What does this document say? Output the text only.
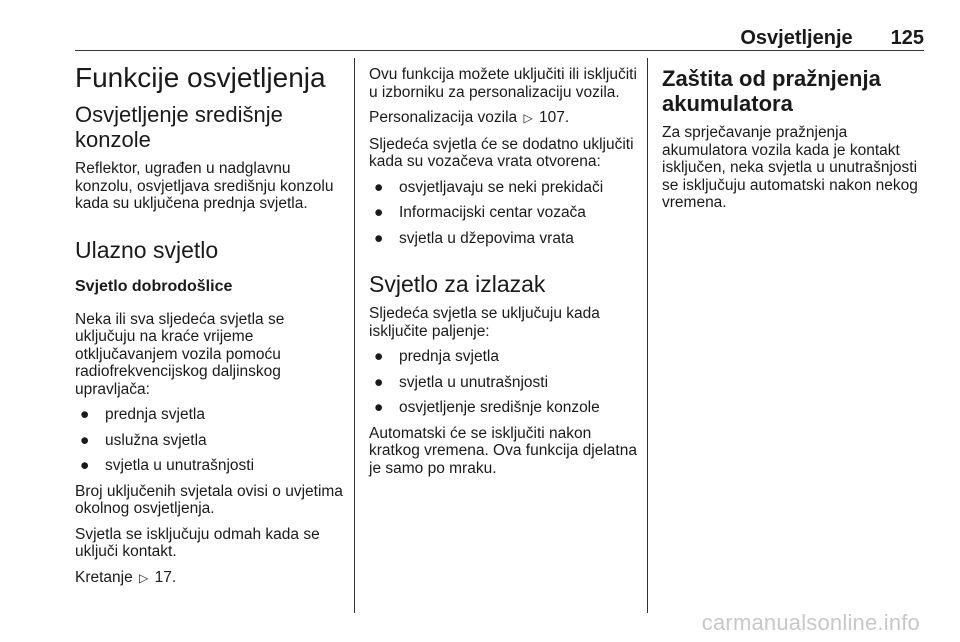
Osvjetljenje 125
Funkcije osvjetljenja
Osvjetljenje središnje konzole

Reflektor, ugrađen u nadglavnu konzolu, osvjetljava središnju konzolu kada su uključena prednja svjetla.

Ulazno svjetlo
Svjetlo dobrodošlice

Neka ili sva sljedeća svjetla se uključuju na kraće vrijeme otključavanjem vozila pomoću radiofrekvencijskog daljinskog upravljača:

●	prednja svjetla
●	uslužna svjetla
●	svjetla u unutrašnjosti

Broj uključenih svjetala ovisi o uvjetima okolnog osvjetljenja.

Svjetla se isključuju odmah kada se uključi kontakt.

Kretanje ▷ 17.

Ovu funkcija možete uključiti ili isključiti u izborniku za personalizaciju vozila.

Personalizacija vozila ▷ 107.

Sljedeća svjetla će se dodatno uključiti kada su vozačeva vrata otvorena:

●	osvjetljavaju se neki prekidači
●	Informacijski centar vozača
●	svjetla u džepovima vrata
Svjetlo za izlazak

Sljedeća svjetla se uključuju kada isključite paljenje:

●	prednja svjetla
●	svjetla u unutrašnjosti
●	osvjetljenje središnje konzole

Automatski će se isključiti nakon kratkog vremena. Ova funkcija djelatna je samo po mraku.

Zaštita od pražnjenja akumulatora

Za sprječavanje pražnjenja akumulatora vozila kada je kontakt isključen, neka svjetla u unutrašnjosti se isključuju automatski nakon nekog vremena.

carmanualsonline.info
